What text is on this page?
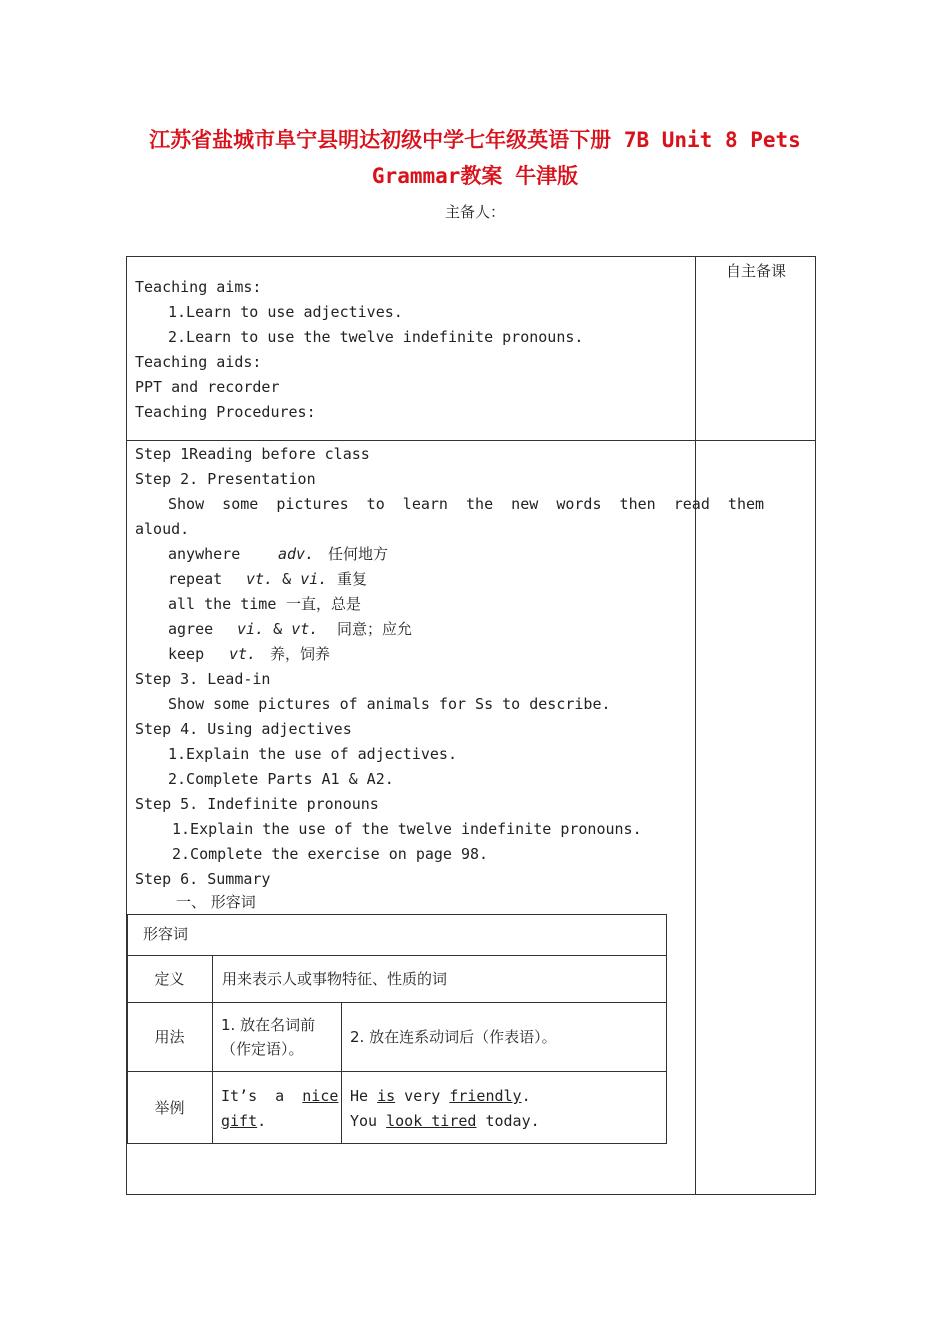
江苏省盐城市阜宁县明达初级中学七年级英语下册 7B Unit 8 Pets
Grammar教案 牛津版
主备人：
自主备课
Teaching aims:
1.Learn to use adjectives.
2.Learn to use the twelve indefinite pronouns.
Teaching aids:
PPT and recorder
Teaching Procedures:
Step 1Reading before class
Step 2. Presentation
Show  some  pictures  to  learn  the  new  words  then  read  them
aloud.
anywhere	adv. 任何地方
repeat vt. & vi. 重复
all the time 一直，总是
agree vi. & vt. 同意；应允
keep vt. 养，饲养
Step 3. Lead-in
Show some pictures of animals for Ss to describe.
Step 4. Using adjectives
1.Explain the use of adjectives.
2.Complete Parts A1 & A2.
Step 5. Indefinite pronouns
1.Explain the use of the twelve indefinite pronouns.
2.Complete the exercise on page 98.
Step 6. Summary
一、 形容词
形容词
定义	用来表示人或事物特征、性质的词
用法
1. 放在名词前
（作定语）。
2. 放在连系动词后（作表语）。
举例
It’s  a  nice
gift.
He is very friendly.
You look tired today.
